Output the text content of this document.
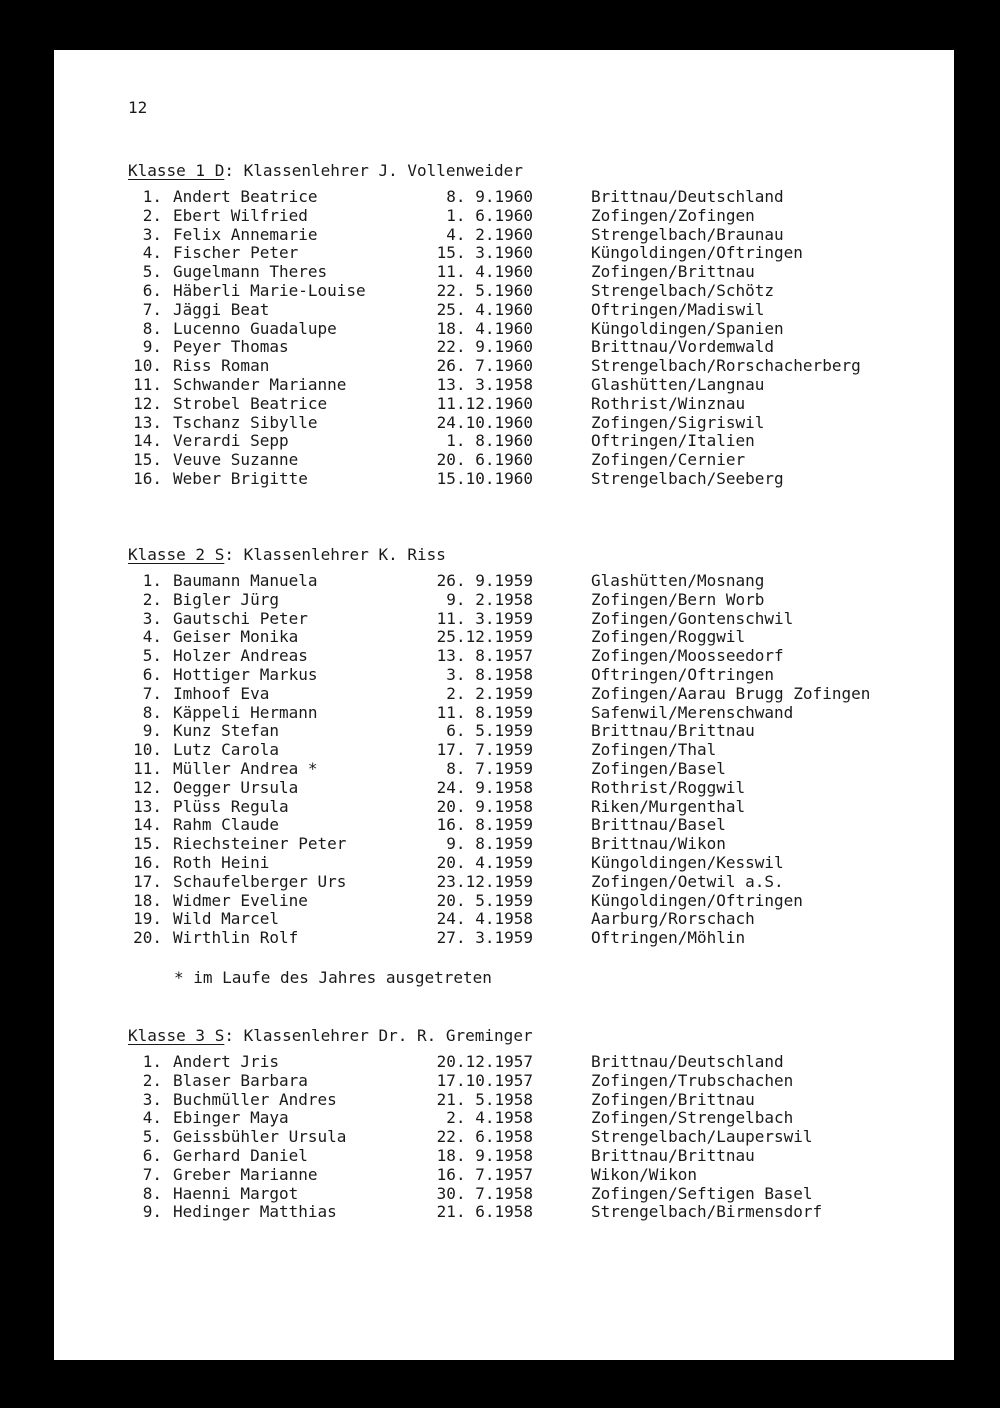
12
Klasse 1 D: Klassenlehrer J. Vollenweider
1. Andert Beatrice	8. 9.1960	Brittnau/Deutschland
2. Ebert Wilfried	1. 6.1960	Zofingen/Zofingen
3. Felix Annemarie	4. 2.1960	Strengelbach/Braunau
4. Fischer Peter	15. 3.1960	Küngoldingen/Oftringen
5. Gugelmann Theres	11. 4.1960	Zofingen/Brittnau
6. Häberli Marie-Louise	22. 5.1960	Strengelbach/Schötz
7. Jäggi Beat	25. 4.1960	Oftringen/Madiswil
8. Lucenno Guadalupe	18. 4.1960	Küngoldingen/Spanien
9. Peyer Thomas	22. 9.1960	Brittnau/Vordemwald
10. Riss Roman	26. 7.1960	Strengelbach/Rorschacherberg
11. Schwander Marianne	13. 3.1958	Glashütten/Langnau
12. Strobel Beatrice	11.12.1960	Rothrist/Winznau
13. Tschanz Sibylle	24.10.1960	Zofingen/Sigriswil
14. Verardi Sepp	1. 8.1960	Oftringen/Italien
15. Veuve Suzanne	20. 6.1960	Zofingen/Cernier
16. Weber Brigitte	15.10.1960	Strengelbach/Seeberg
Klasse 2 S: Klassenlehrer K. Riss
1. Baumann Manuela	26. 9.1959	Glashütten/Mosnang
2. Bigler Jürg	9. 2.1958	Zofingen/Bern Worb
3. Gautschi Peter	11. 3.1959	Zofingen/Gontenschwil
4. Geiser Monika	25.12.1959	Zofingen/Roggwil
5. Holzer Andreas	13. 8.1957	Zofingen/Moosseedorf
6. Hottiger Markus	3. 8.1958	Oftringen/Oftringen
7. Imhoof Eva	2. 2.1959	Zofingen/Aarau Brugg Zofingen
8. Käppeli Hermann	11. 8.1959	Safenwil/Merenschwand
9. Kunz Stefan	6. 5.1959	Brittnau/Brittnau
10. Lutz Carola	17. 7.1959	Zofingen/Thal
11. Müller Andrea *	8. 7.1959	Zofingen/Basel
12. Oegger Ursula	24. 9.1958	Rothrist/Roggwil
13. Plüss Regula	20. 9.1958	Riken/Murgenthal
14. Rahm Claude	16. 8.1959	Brittnau/Basel
15. Riechsteiner Peter	9. 8.1959	Brittnau/Wikon
16. Roth Heini	20. 4.1959	Küngoldingen/Kesswil
17. Schaufelberger Urs	23.12.1959	Zofingen/Oetwil a.S.
18. Widmer Eveline	20. 5.1959	Küngoldingen/Oftringen
19. Wild Marcel	24. 4.1958	Aarburg/Rorschach
20. Wirthlin Rolf	27. 3.1959	Oftringen/Möhlin
* im Laufe des Jahres ausgetreten
Klasse 3 S: Klassenlehrer Dr. R. Greminger
1. Andert Jris	20.12.1957	Brittnau/Deutschland
2. Blaser Barbara	17.10.1957	Zofingen/Trubschachen
3. Buchmüller Andres	21. 5.1958	Zofingen/Brittnau
4. Ebinger Maya	2. 4.1958	Zofingen/Strengelbach
5. Geissbühler Ursula	22. 6.1958	Strengelbach/Lauperswil
6. Gerhard Daniel	18. 9.1958	Brittnau/Brittnau
7. Greber Marianne	16. 7.1957	Wikon/Wikon
8. Haenni Margot	30. 7.1958	Zofingen/Seftigen Basel
9. Hedinger Matthias	21. 6.1958	Strengelbach/Birmensdorf
